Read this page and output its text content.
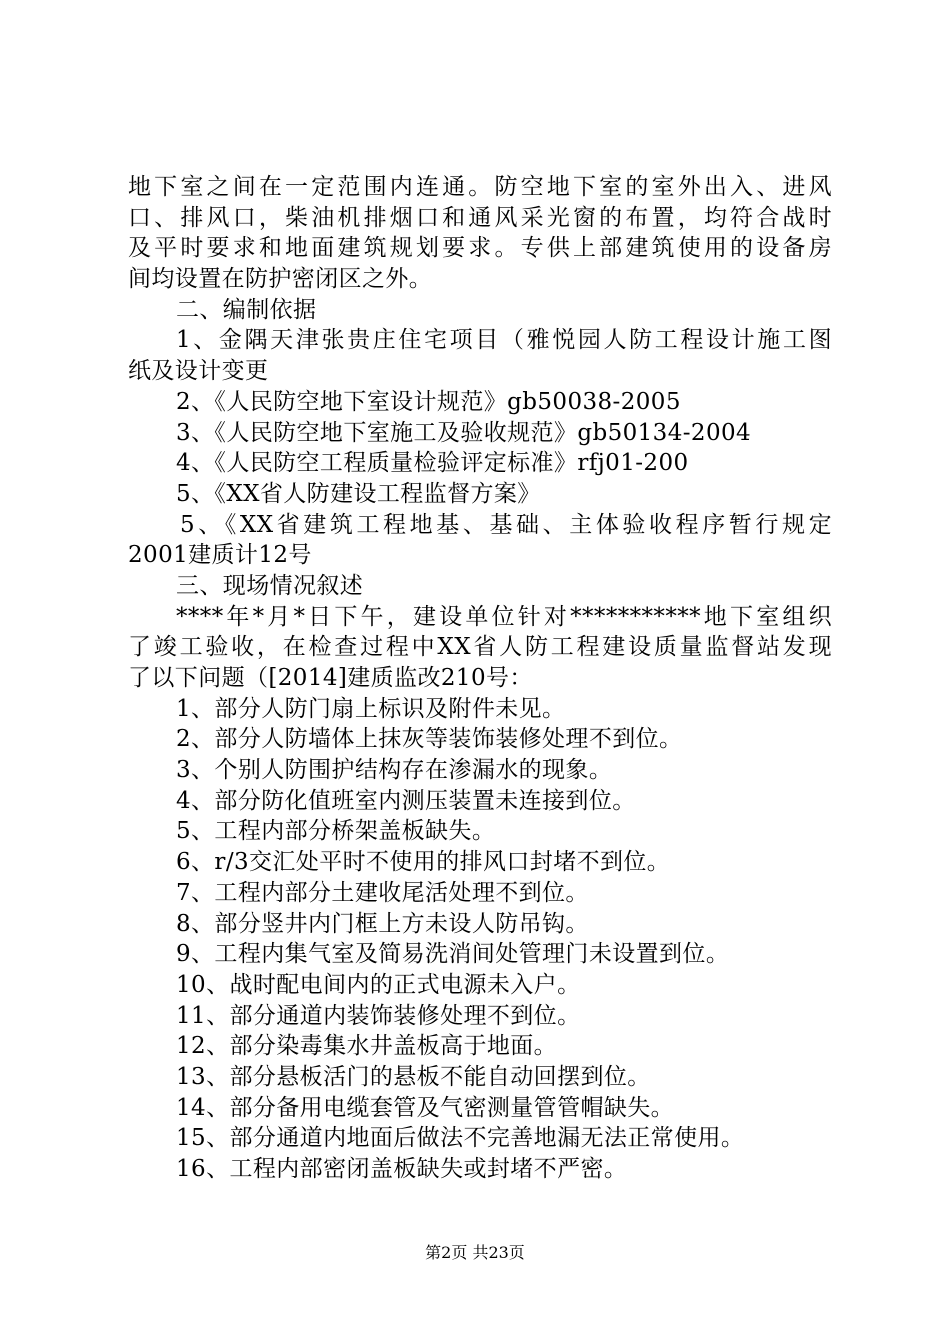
地下室之间在一定范围内连通。防空地下室的室外出入、进风
口、排风口，柴油机排烟口和通风采光窗的布置，均符合战时
及平时要求和地面建筑规划要求。专供上部建筑使用的设备房
间均设置在防护密闭区之外。
二、编制依据
1、金隅天津张贵庄住宅项目（雅悦园人防工程设计施工图
纸及设计变更
2、《人民防空地下室设计规范》gb50038-2005
3、《人民防空地下室施工及验收规范》gb50134-2004
4、《人民防空工程质量检验评定标准》rfj01-200
5、《XX省人防建设工程监督方案》
5、《XX省建筑工程地基、基础、主体验收程序暂行规定
2001建质计12号
三、现场情况叙述
****年*月*日下午，建设单位针对***********地下室组织
了竣工验收，在检查过程中XX省人防工程建设质量监督站发现
了以下问题（[2014]建质监改210号：
1、部分人防门扇上标识及附件未见。
2、部分人防墙体上抹灰等装饰装修处理不到位。
3、个别人防围护结构存在渗漏水的现象。
4、部分防化值班室内测压装置未连接到位。
5、工程内部分桥架盖板缺失。
6、r/3交汇处平时不使用的排风口封堵不到位。
7、工程内部分土建收尾活处理不到位。
8、部分竖井内门框上方未设人防吊钩。
9、工程内集气室及简易洗消间处管理门未设置到位。
10、战时配电间内的正式电源未入户。
11、部分通道内装饰装修处理不到位。
12、部分染毒集水井盖板高于地面。
13、部分悬板活门的悬板不能自动回摆到位。
14、部分备用电缆套管及气密测量管管帽缺失。
15、部分通道内地面后做法不完善地漏无法正常使用。
16、工程内部密闭盖板缺失或封堵不严密。
第2页 共23页
